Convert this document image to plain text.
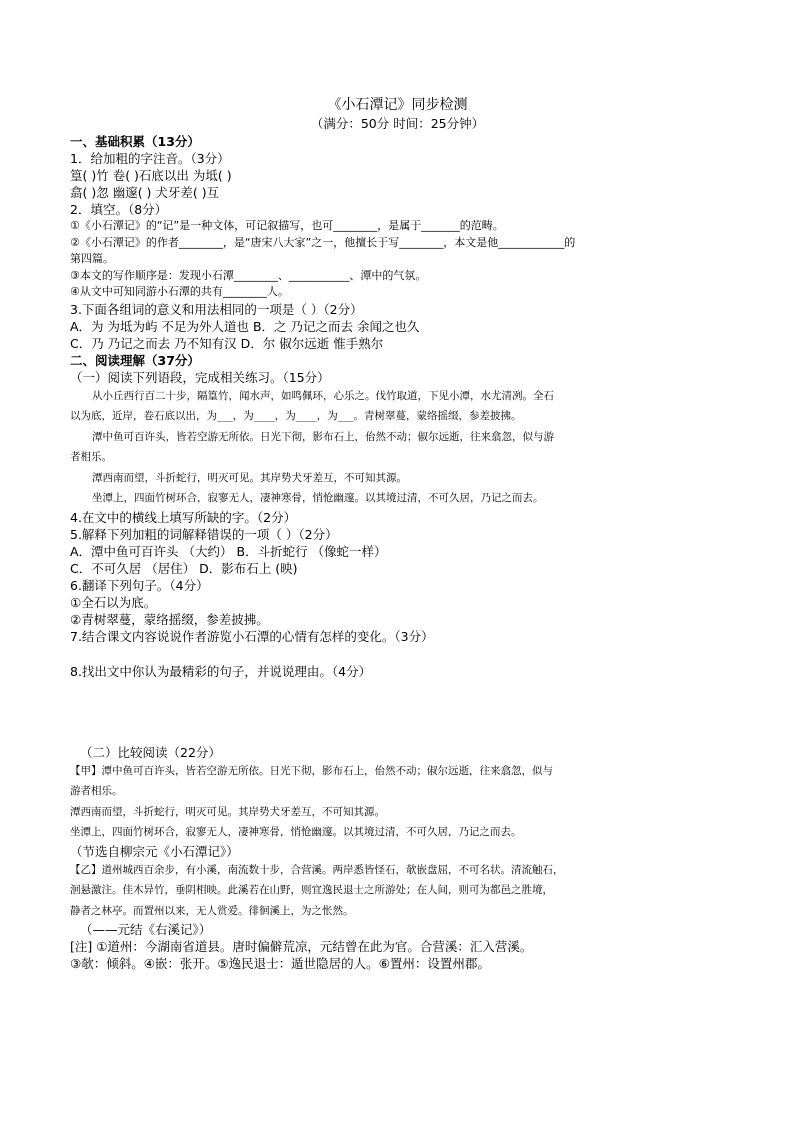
《小石潭记》同步检测
（满分：50分 时间：25分钟）
一、基础积累（13分）
1．给加粗的字注音。（3分）
篁( )竹 卷( )石底以出 为坻( )
翕( )忽 幽邃( ) 犬牙差( )互
2．填空。（8分）
①《小石潭记》的“记”是一种文体，可记叙描写，也可________，是属于_______的范畴。
②《小石潭记》的作者________，是“唐宋八大家”之一，他擅长于写________，本文是他____________的
第四篇。
③本文的写作顺序是：发现小石潭________、___________、潭中的气氛。
④从文中可知同游小石潭的共有________人。
3.下面各组词的意义和用法相同的一项是（ ）（2分）
A．为 为坻为屿 不足为外人道也 B．之 乃记之而去 余闻之也久
C．乃 乃记之而去 乃不知有汉 D．尔 俶尔远逝 惟手熟尔
二、阅读理解（37分）
（一）阅读下列语段，完成相关练习。（15分）
从小丘西行百二十步，隔篁竹，闻水声，如鸣佩环，心乐之。伐竹取道，下见小潭，水尤清冽。全石
以为底，近岸，卷石底以出，为___，为____，为____，为___。青树翠蔓，蒙络摇缀，参差披拂。
潭中鱼可百许头，皆若空游无所依。日光下彻，影布石上，佁然不动；俶尔远逝，往来翕忽，似与游
者相乐。
潭西南而望，斗折蛇行，明灭可见。其岸势犬牙差互，不可知其源。
坐潭上，四面竹树环合，寂寥无人，凄神寒骨，悄怆幽邃。以其境过清，不可久居，乃记之而去。
4.在文中的横线上填写所缺的字。（2分）
5.解释下列加粗的词解释错误的一项（ ）（2分）
A．潭中鱼可百许头 （大约） B．斗折蛇行 （像蛇一样）
C．不可久居 （居住） D．影布石上 (映)
6.翻译下列句子。（4分）
①全石以为底。
②青树翠蔓，蒙络摇缀，参差披拂。
7.结合课文内容说说作者游览小石潭的心情有怎样的变化。（3分）
8.找出文中你认为最精彩的句子，并说说理由。（4分）
（二）比较阅读（22分）
【甲】潭中鱼可百许头，皆若空游无所依。日光下彻，影布石上，佁然不动；俶尔远逝，往来翕忽，似与
游者相乐。
潭西南而望，斗折蛇行，明灭可见。其岸势犬牙差互，不可知其源。
坐潭上，四面竹树环合，寂寥无人，凄神寒骨，悄怆幽邃。以其境过清，不可久居，乃记之而去。
（节选自柳宗元《小石潭记》）
【乙】道州城西百余步，有小溪，南流数十步，合营溪。两岸悉皆怪石，欹嵌盘屈，不可名状。清流触石，
洄悬激注。佳木异竹，垂阴相映。此溪若在山野，则宜逸民退士之所游处；在人间，则可为都邑之胜境，
静者之林亭。而置州以来，无人赏爱。徘徊溪上，为之怅然。
（——元结《右溪记》）
[注] ①道州：今湖南省道县。唐时偏僻荒凉，元结曾在此为官。合营溪：汇入营溪。
③欹：倾斜。④嵌：张开。⑤逸民退士：遁世隐居的人。⑥置州：设置州郡。
